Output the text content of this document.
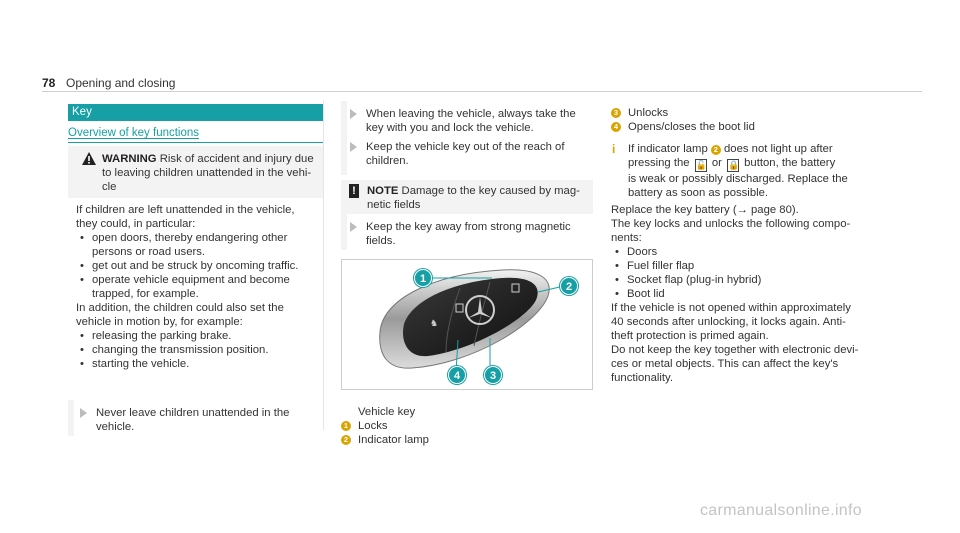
78 Opening and closing
Key
Overview of key functions
WARNING Risk of accident and injury due
to leaving children unattended in the vehi-
cle
If children are left unattended in the vehicle,
they could, in particular:
• open doors, thereby endangering other
persons or road users.
• get out and be struck by oncoming traffic.
• operate vehicle equipment and become
trapped, for example.
In addition, the children could also set the
vehicle in motion by, for example:
• releasing the parking brake.
• changing the transmission position.
• starting the vehicle.
Never leave children unattended in the
vehicle.
When leaving the vehicle, always take the
key with you and lock the vehicle.
Keep the vehicle key out of the reach of
children.
! NOTE Damage to the key caused by mag-
netic fields
Keep the key away from strong magnetic
fields.
♞
1
2
3
4
Vehicle key
1 Locks
2 Indicator lamp
3 Unlocks
4 Opens/closes the boot lid
i If indicator lamp 2 does not light up after
pressing the 🔓 or 🔒 button, the battery
is weak or possibly discharged. Replace the
battery as soon as possible.
Replace the key battery (→ page 80).
The key locks and unlocks the following compo-
nents:
• Doors
• Fuel filler flap
• Socket flap (plug-in hybrid)
• Boot lid
If the vehicle is not opened within approximately
40 seconds after unlocking, it locks again. Anti-
theft protection is primed again.
Do not keep the key together with electronic devi-
ces or metal objects. This can affect the key's
functionality.
carmanualsonline.info
